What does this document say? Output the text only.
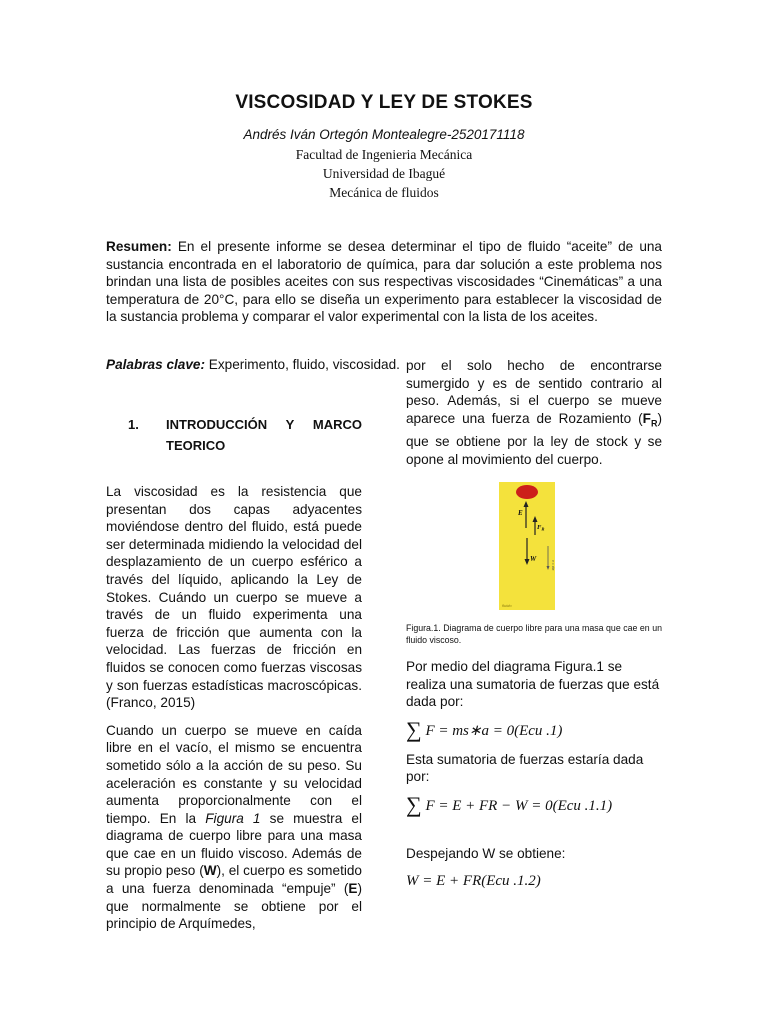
VISCOSIDAD Y LEY DE STOKES
Andrés Iván Ortegón Montealegre-2520171118
Facultad de Ingenieria Mecánica
Universidad de Ibagué
Mecánica de fluidos
Resumen: En el presente informe se desea determinar el tipo de fluido “aceite” de una sustancia encontrada en el laboratorio de química, para dar solución a este problema nos brindan una lista de posibles aceites con sus respectivas viscosidades “Cinemáticas” a una temperatura de 20°C, para ello se diseña un experimento para establecer la viscosidad de la sustancia problema y comparar el valor experimental con la lista de los aceites.
Palabras clave: Experimento, fluido, viscosidad.
1.	INTRODUCCIÓN Y MARCO TEORICO

La viscosidad es la resistencia que presentan dos capas adyacentes moviéndose dentro del fluido, está puede ser determinada midiendo la velocidad del desplazamiento de un cuerpo esférico a través del líquido, aplicando la Ley de Stokes. Cuándo un cuerpo se mueve a través de un fluido experimenta una fuerza de fricción que aumenta con la velocidad. Las fuerzas de fricción en fluidos se conocen como fuerzas viscosas y son fuerzas estadísticas macroscópicas. (Franco, 2015)

Cuando un cuerpo se mueve en caída libre en el vacío, el mismo se encuentra sometido sólo a la acción de su peso. Su aceleración es constante y su velocidad aumenta proporcionalmente con el tiempo. En la Figura 1 se muestra el diagrama de cuerpo libre para una masa que cae en un fluido viscoso. Además de su propio peso (W), el cuerpo es sometido a una fuerza denominada “empuje” (E) que normalmente se obtiene por el principio de Arquímedes,

por el solo hecho de encontrarse sumergido y es de sentido contrario al peso. Además, si el cuerpo se mueve aparece una fuerza de Rozamiento $(F_R)$ que se obtiene por la ley de stock y se opone al movimiento del cuerpo.

E
$F_R$
W
v = cte
fluido
Figura.1. Diagrama de cuerpo libre para una masa que cae en un fluido viscoso.

Por medio del diagrama Figura.1 se realiza una sumatoria de fuerzas que está dada por:

∑ F = ms∗a = 0(Ecu .1)

Esta sumatoria de fuerzas estaría dada por:

∑ F = E + FR − W = 0(Ecu .1.1)

Despejando W se obtiene:

W = E + FR(Ecu .1.2)
